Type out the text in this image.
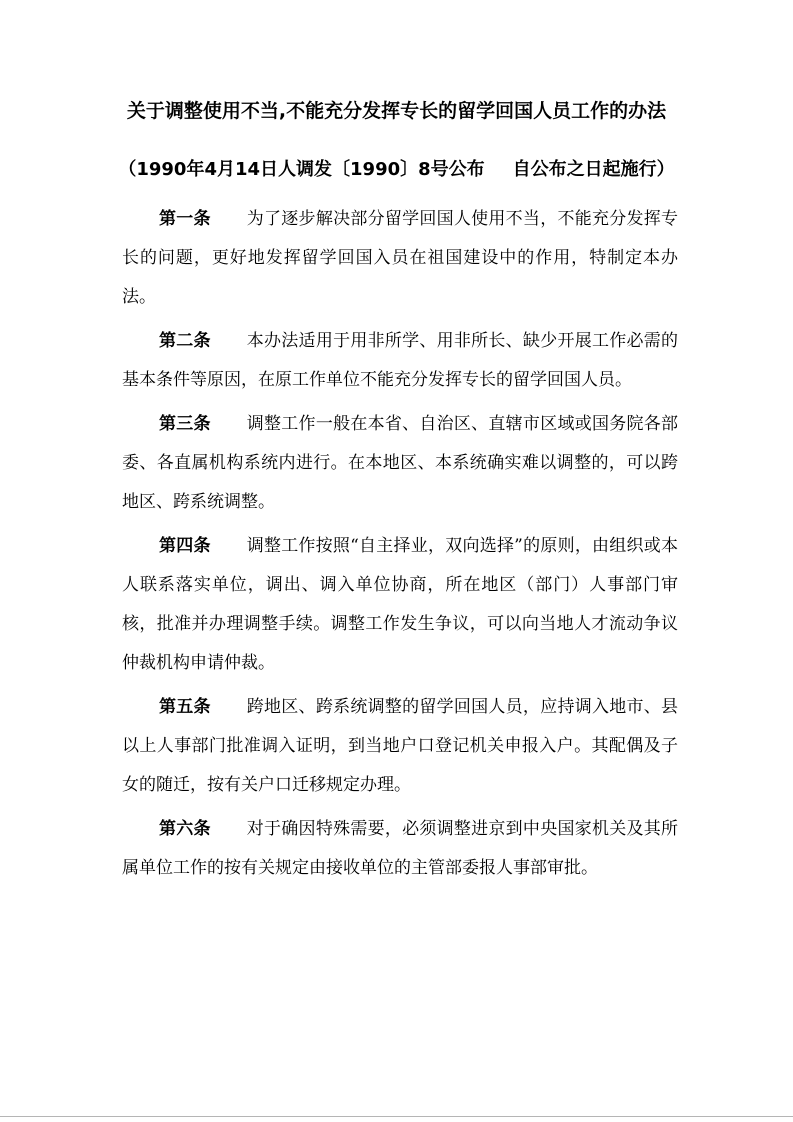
关于调整使用不当,不能充分发挥专长的留学回国人员工作的办法
（1990年4月14日人调发〔1990〕8号公布 自公布之日起施行）

第一条 为了逐步解决部分留学回国人使用不当，不能充分发挥专长的问题，更好地发挥留学回国入员在祖国建设中的作用，特制定本办法。

第二条 本办法适用于用非所学、用非所长、缺少开展工作必需的基本条件等原因，在原工作单位不能充分发挥专长的留学回国人员。

第三条 调整工作一般在本省、自治区、直辖市区域或国务院各部委、各直属机构系统内进行。在本地区、本系统确实难以调整的，可以跨地区、跨系统调整。

第四条 调整工作按照“自主择业，双向选择”的原则，由组织或本人联系落实单位，调出、调入单位协商，所在地区（部门）人事部门审核，批准并办理调整手续。调整工作发生争议，可以向当地人才流动争议仲裁机构申请仲裁。

第五条 跨地区、跨系统调整的留学回国人员，应持调入地市、县以上人事部门批准调入证明，到当地户口登记机关申报入户。其配偶及子女的随迁，按有关户口迁移规定办理。

第六条 对于确因特殊需要，必须调整进京到中央国家机关及其所属单位工作的按有关规定由接收单位的主管部委报人事部审批。
